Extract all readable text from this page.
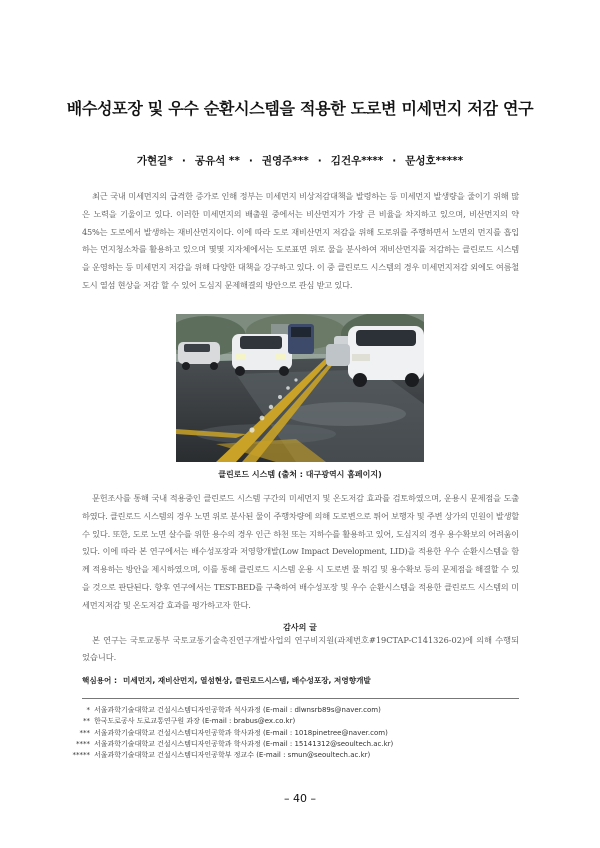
배수성포장 및 우수 순환시스템을 적용한 도로변 미세먼지 저감 연구
가현길* · 공유석 ** · 권영주*** · 김건우**** · 문성호*****

최근 국내 미세먼지의 급격한 증가로 인해 정부는 미세먼지 비상저감대책을 발령하는 등 미세먼지 발생량을 줄이기 위해 많은 노력을 기울이고 있다. 이러한 미세먼지의 배출원 중에서는 비산먼지가 가장 큰 비율을 차지하고 있으며, 비산먼지의 약 45%는 도로에서 발생하는 재비산먼지이다. 이에 따라 도로 재비산먼지 저감을 위해 도로위를 주행하면서 노면의 먼지를 흡입하는 먼지청소차를 활용하고 있으며 몇몇 지자체에서는 도로표면 위로 물을 분사하여 재비산먼지를 저감하는 클린로드 시스템을 운영하는 등 미세먼지 저감을 위해 다양한 대책을 강구하고 있다. 이 중 클린로드 시스템의 경우 미세먼지저감 외에도 여름철 도시 열섬 현상을 저감 할 수 있어 도심지 문제해결의 방안으로 관심 받고 있다.

클린로드 시스템 (출처 : 대구광역시 홈페이지)

문헌조사를 통해 국내 적용중인 클린로드 시스템 구간의 미세먼지 및 온도저감 효과를 검토하였으며, 운용시 문제점을 도출하였다. 클린로드 시스템의 경우 노면 위로 분사된 물이 주행차량에 의해 도로변으로 튀어 보행자 및 주변 상가의 민원이 발생할 수 있다. 또한, 도로 노면 살수를 위한 용수의 경우 인근 하천 또는 지하수를 활용하고 있어, 도심지의 경우 용수확보의 어려움이 있다. 이에 따라 본 연구에서는 배수성포장과 저영향개발(Low Impact Development, LID)을 적용한 우수 순환시스템을 함께 적용하는 방안을 제시하였으며, 이를 통해 클린로드 시스템 운용 시 도로변 물 튀김 및 용수확보 등의 문제점을 해결할 수 있을 것으로 판단된다. 향후 연구에서는 TEST-BED를 구축하여 배수성포장 및 우수 순환시스템을 적용한 클린로드 시스템의 미세먼지저감 및 온도저감 효과를 평가하고자 한다.

감사의 글

본 연구는 국토교통부 국토교통기술촉진연구개발사업의 연구비지원(과제번호#19CTAP-C141326-02)에 의해 수행되었습니다.

핵심용어 : 미세먼지, 재비산먼지, 열섬현상, 클린로드시스템, 배수성포장, 저영향개발
* 서울과학기술대학교 건설시스템디자인공학과 석사과정 (E-mail : dlwnsrb89s@naver.com)
** 한국도로공사 도로교통연구원 과장 (E-mail : brabus@ex.co.kr)
*** 서울과학기술대학교 건설시스템디자인공학과 학사과정 (E-mail : 1018pinetree@naver.com)
**** 서울과학기술대학교 건설시스템디자인공학과 학사과정 (E-mail : 15141312@seoultech.ac.kr)
***** 서울과학기술대학교 건설시스템디자인공학부 정교수 (E-mail : smun@seoultech.ac.kr)
– 40 –
